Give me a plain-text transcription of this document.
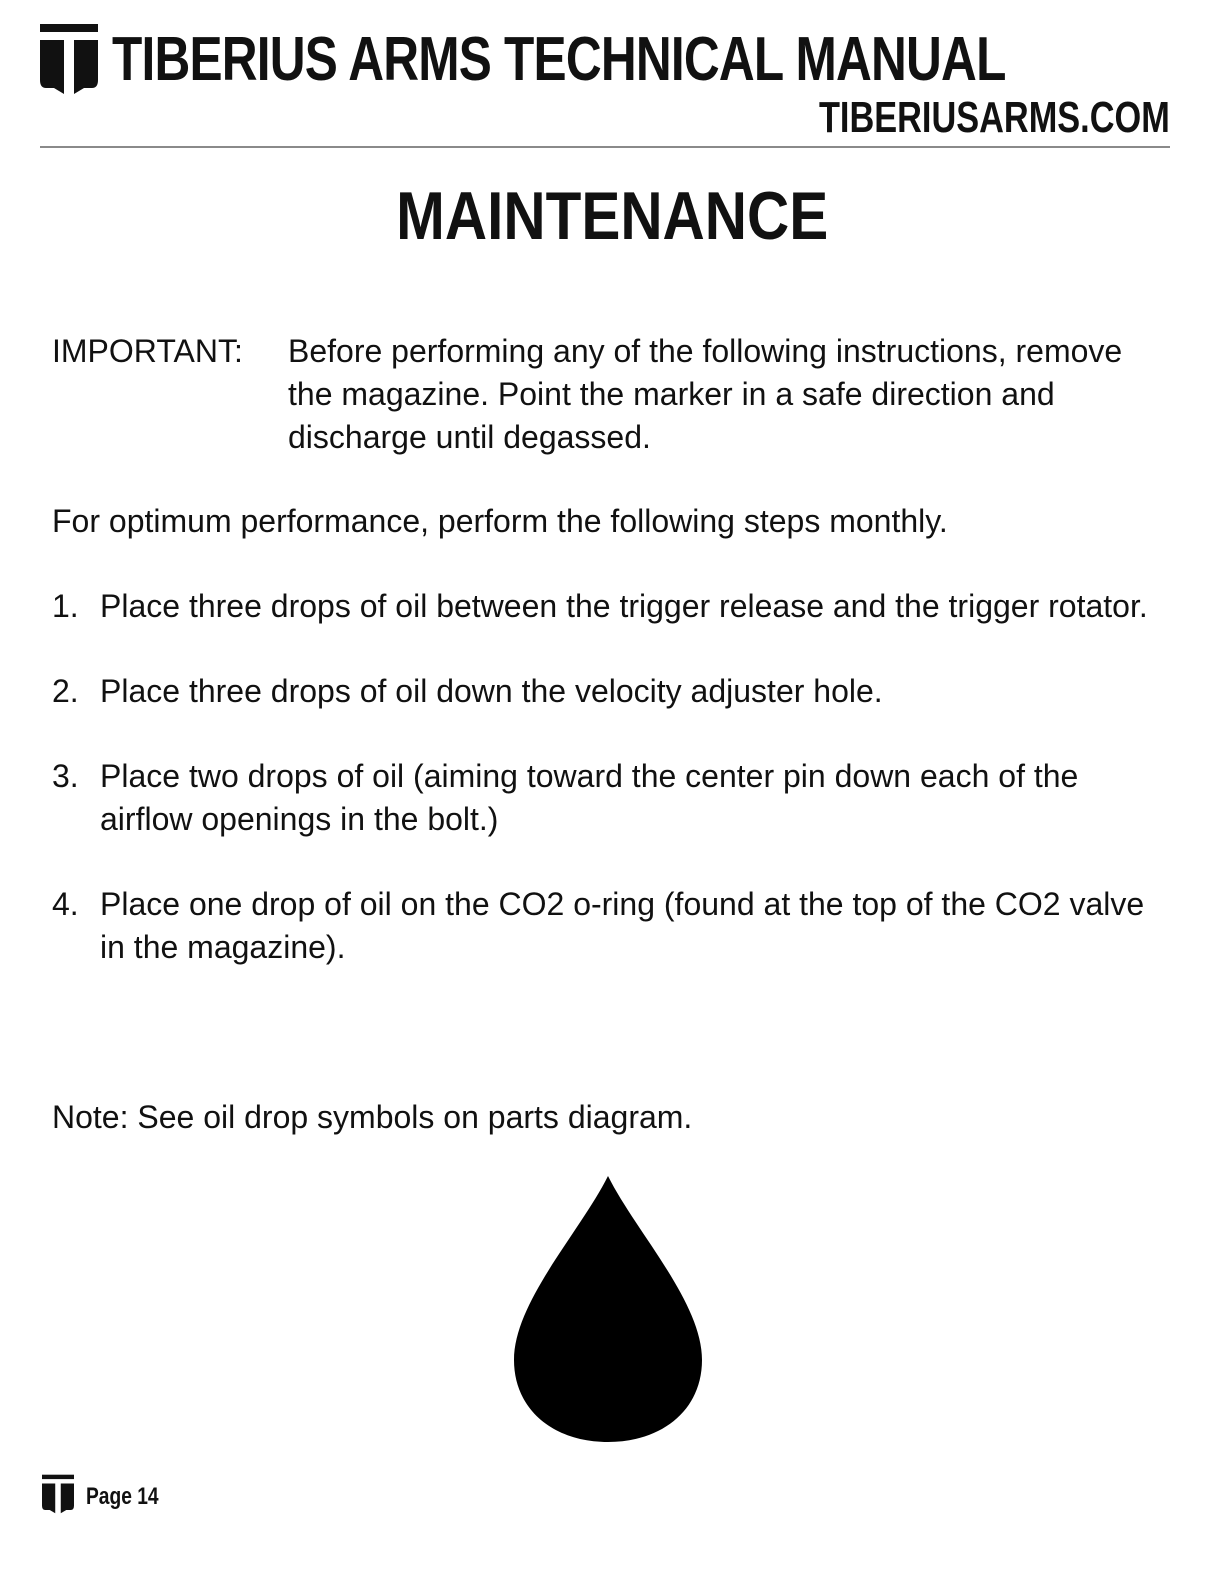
TIBERIUS ARMS TECHNICAL MANUAL
TIBERIUSARMS.COM
MAINTENANCE
IMPORTANT: Before performing any of the following instructions, remove the magazine. Point the marker in a safe direction and discharge until degassed.
For optimum performance, perform the following steps monthly.
1. Place three drops of oil between the trigger release and the trigger rotator.
2. Place three drops of oil down the velocity adjuster hole.
3. Place two drops of oil (aiming toward the center pin down each of the airflow openings in the bolt.)
4. Place one drop of oil on the CO2 o-ring (found at the top of the CO2 valve in the magazine).
Note: See oil drop symbols on parts diagram.
Page 14
